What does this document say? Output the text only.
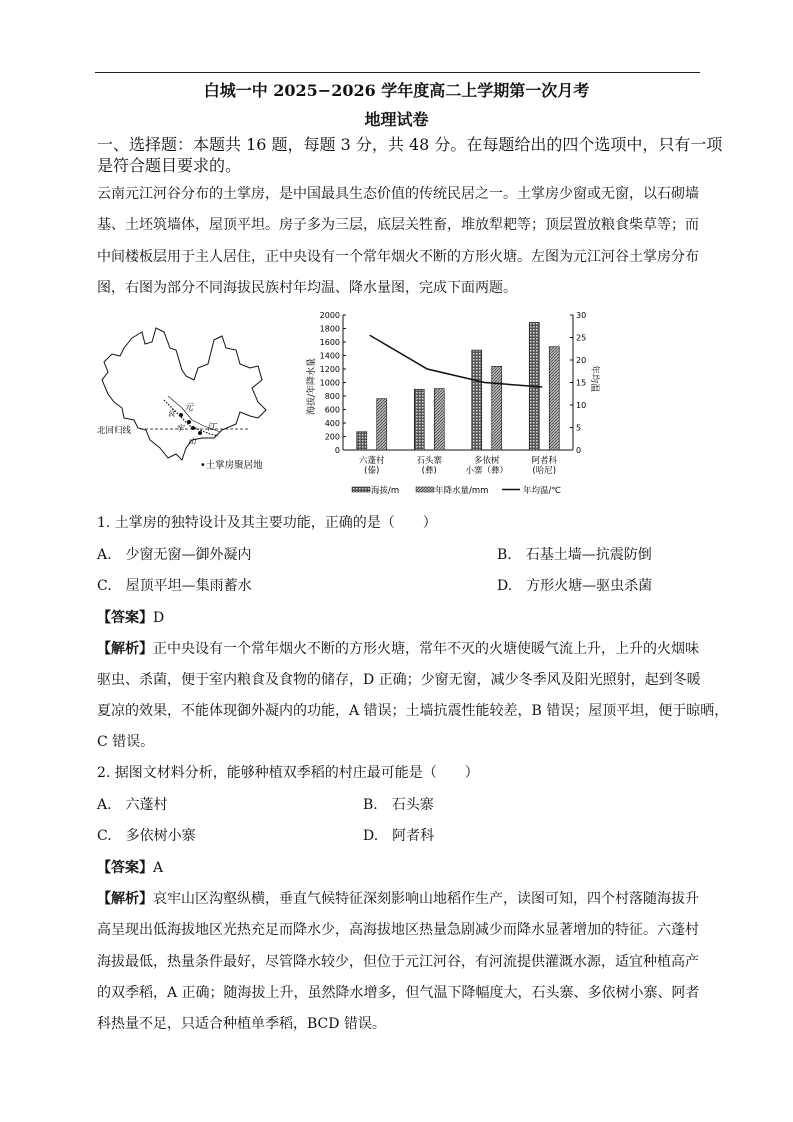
白城一中 2025−2026 学年度高二上学期第一次月考
地理试卷
一、选择题：本题共 16 题，每题 3 分，共 48 分。在每题给出的四个选项中，只有一项
是符合题目要求的。
云南元江河谷分布的土掌房，是中国最具生态价值的传统民居之一。土掌房少窗或无窗，以石砌墙
基、土坯筑墙体，屋顶平坦。房子多为三层，底层关牲畜，堆放犁耙等；顶层置放粮食柴草等；而
中间楼板层用于主人居住，正中央设有一个常年烟火不断的方形火塘。左图为元江河谷土掌房分布
图，右图为部分不同海拔民族村年均温、降水量图，完成下面两题。
元
江
哀
牢
山
北回归线
•土掌房聚居地
0
200
400
600
800
1000
1200
1400
1600
1800
2000
0
5
10
15
20
25
30
六蓬村
(傣)
石头寨
(彝)
多依树
小寨（彝）
阿者科
(哈尼)
海拔/年降水量	年均温
海拔/m	年降水量/mm	年均温/℃
1. 土掌房的独特设计及其主要功能，正确的是（　　）
A.　少窗无窗—御外凝内	B.　石基土墙—抗震防倒
C.　屋顶平坦—集雨蓄水	D.　方形火塘—驱虫杀菌
【答案】D
【解析】正中央设有一个常年烟火不断的方形火塘，常年不灭的火塘使暖气流上升，上升的火烟味
驱虫、杀菌，便于室内粮食及食物的储存，D 正确；少窗无窗，减少冬季风及阳光照射，起到冬暖
夏凉的效果，不能体现御外凝内的功能，A 错误；土墙抗震性能较差，B 错误；屋顶平坦，便于晾晒，
C 错误。
2. 据图文材料分析，能够种植双季稻的村庄最可能是（　　）
A.　六蓬村	B.　石头寨
C.　多依树小寨	D.　阿者科
【答案】A
【解析】哀牢山区沟壑纵横，垂直气候特征深刻影响山地稻作生产，读图可知，四个村落随海拔升
高呈现出低海拔地区光热充足而降水少，高海拔地区热量急剧减少而降水显著增加的特征。六蓬村
海拔最低，热量条件最好，尽管降水较少，但位于元江河谷，有河流提供灌溉水源，适宜种植高产
的双季稻，A 正确；随海拔上升，虽然降水增多，但气温下降幅度大，石头寨、多依树小寨、阿者
科热量不足，只适合种植单季稻，BCD 错误。
